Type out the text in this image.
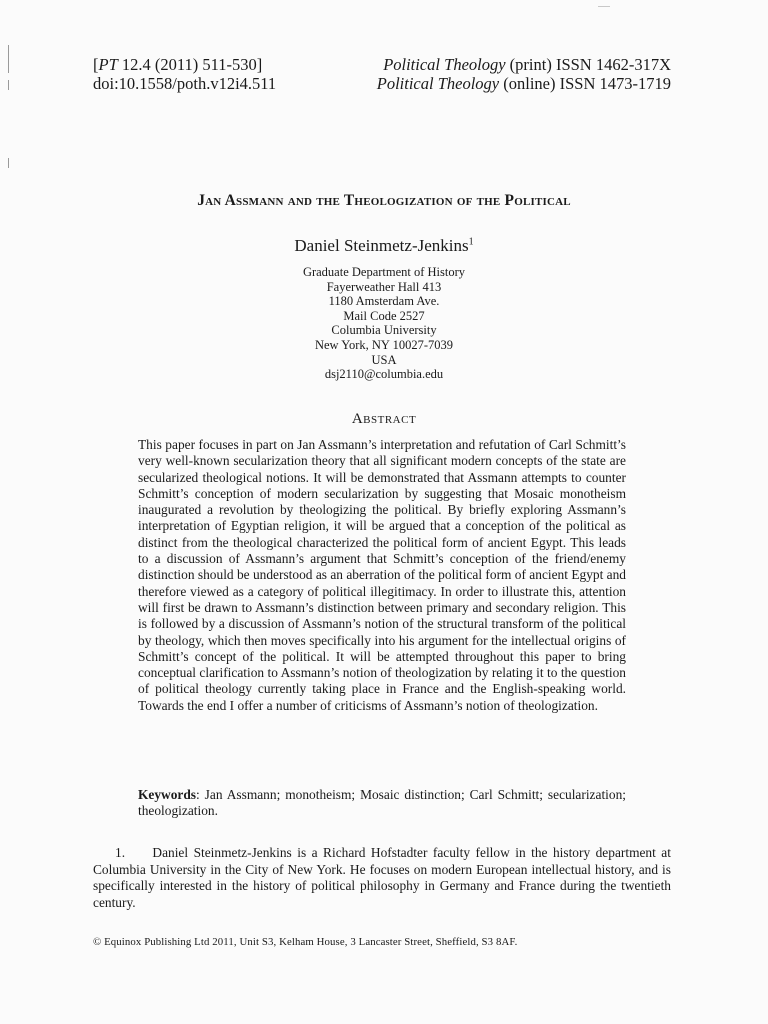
[PT 12.4 (2011) 511-530]
doi:10.1558/poth.v12i4.511
Political Theology (print) ISSN 1462-317X
Political Theology (online) ISSN 1473-1719
Jan Assmann and the Theologization of the Political
Daniel Steinmetz-Jenkins$^1$
Graduate Department of History
Fayerweather Hall 413
1180 Amsterdam Ave.
Mail Code 2527
Columbia University
New York, NY 10027-7039
USA
dsj2110@columbia.edu
Abstract
This paper focuses in part on Jan Assmann’s interpretation and refutation of Carl Schmitt’s very well-known secularization theory that all significant modern concepts of the state are secularized theological notions. It will be demonstrated that Assmann attempts to counter Schmitt’s conception of modern secularization by suggesting that Mosaic monotheism inaugurated a revolution by theologizing the political. By briefly exploring Assmann’s interpretation of Egyptian religion, it will be argued that a conception of the political as distinct from the theological characterized the political form of ancient Egypt. This leads to a discussion of Assmann’s argument that Schmitt’s conception of the friend/enemy distinction should be understood as an aberration of the political form of ancient Egypt and therefore viewed as a category of political illegitimacy. In order to illustrate this, attention will first be drawn to Assmann’s distinction between primary and secondary religion. This is followed by a discussion of Assmann’s notion of the structural transform of the political by theology, which then moves specifically into his argument for the intellectual origins of Schmitt’s concept of the political. It will be attempted throughout this paper to bring conceptual clarification to Assmann’s notion of theologization by relating it to the question of political theology currently taking place in France and the English-speaking world. Towards the end I offer a number of criticisms of Assmann’s notion of theologization.
Keywords: Jan Assmann; monotheism; Mosaic distinction; Carl Schmitt; secularization; theologization.
1. Daniel Steinmetz-Jenkins is a Richard Hofstadter faculty fellow in the history department at Columbia University in the City of New York. He focuses on modern European intellectual history, and is specifically interested in the history of political philosophy in Germany and France during the twentieth century.
© Equinox Publishing Ltd 2011, Unit S3, Kelham House, 3 Lancaster Street, Sheffield, S3 8AF.
